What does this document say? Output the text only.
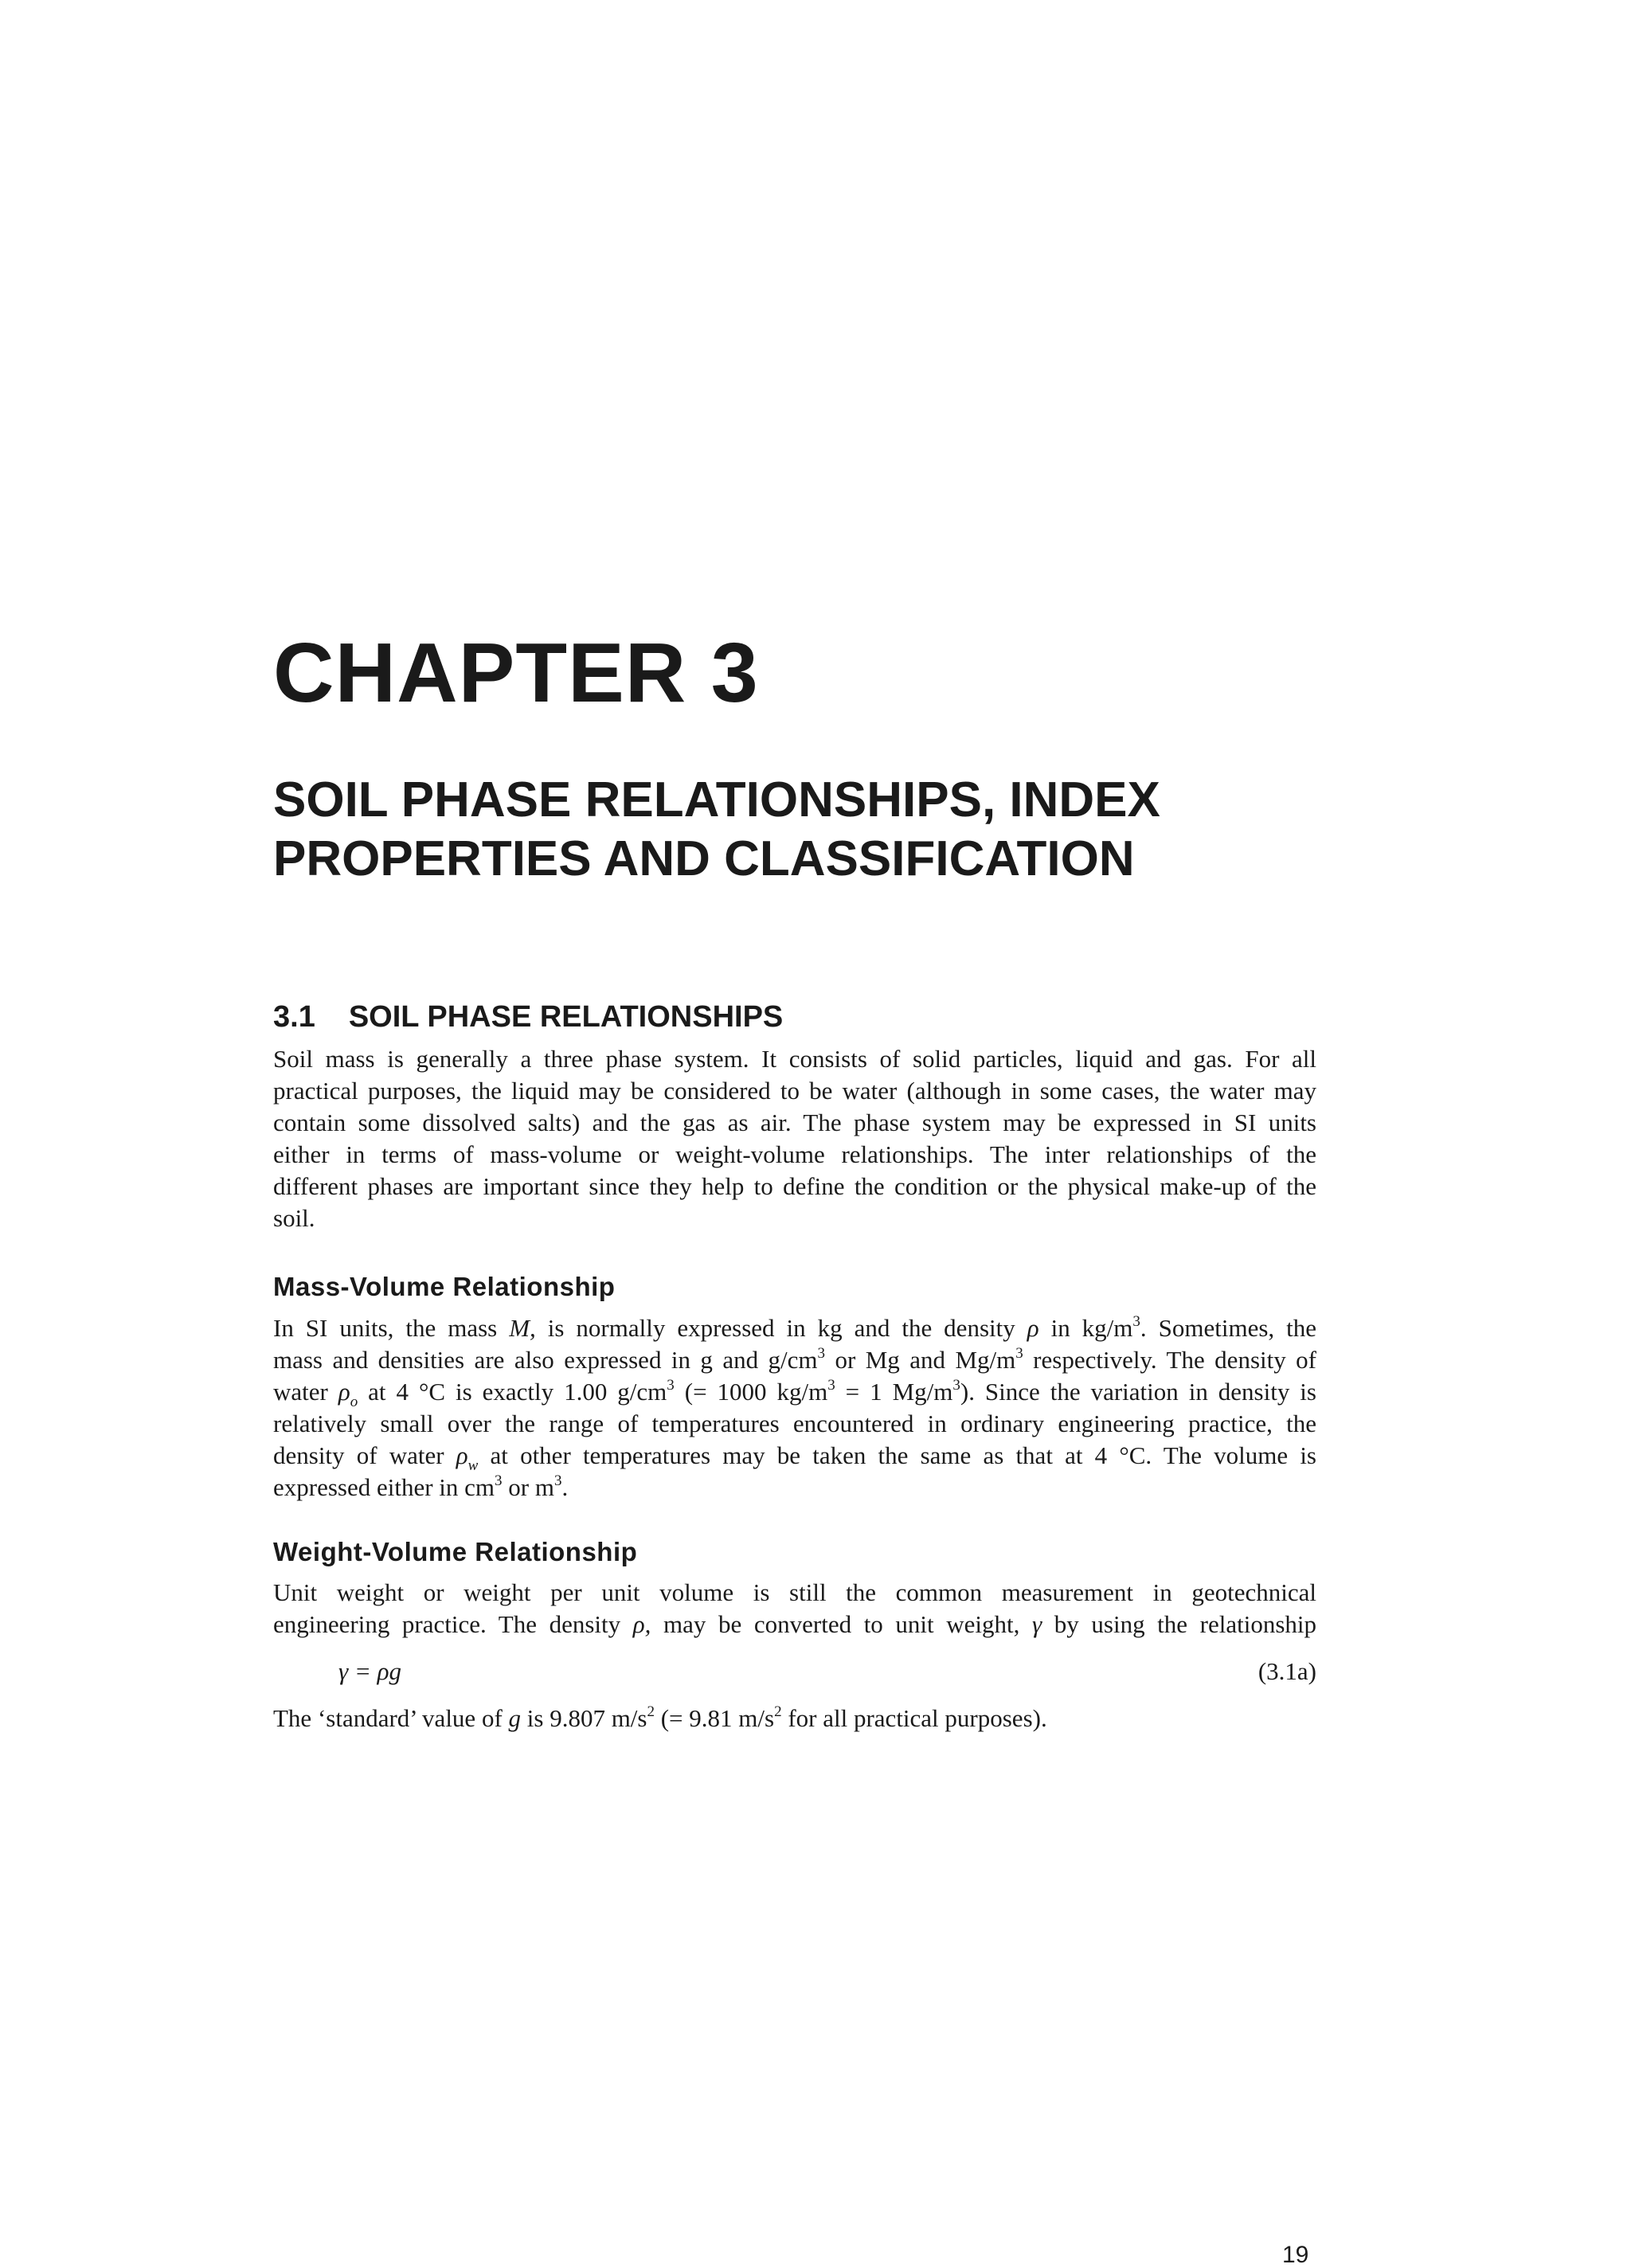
CHAPTER 3
SOIL PHASE RELATIONSHIPS, INDEX
PROPERTIES AND CLASSIFICATION
3.1 SOIL PHASE RELATIONSHIPS

Soil mass is generally a three phase system. It consists of solid particles, liquid and gas. For all
practical purposes, the liquid may be considered to be water (although in some cases, the water may
contain some dissolved salts) and the gas as air. The phase system may be expressed in SI units
either in terms of mass-volume or weight-volume relationships. The inter relationships of the
different phases are important since they help to define the condition or the physical make-up of the
soil.

Mass-Volume Relationship

In SI units, the mass M, is normally expressed in kg and the density ρ in $kg/m^3$. Sometimes, the
mass and densities are also expressed in g and $g/cm^3$ or Mg and $Mg/m^3$ respectively. The density of
water $\rho_o$ at 4 °C is exactly 1.00 $g/cm^3$ (= 1000 $kg/m^3 = 1$ $Mg/m^3$). Since the variation in density is
relatively small over the range of temperatures encountered in ordinary engineering practice, the
density of water $\rho_w$ at other temperatures may be taken the same as that at 4 °C. The volume is
expressed either in $cm^3$ or $m^3$.

Weight-Volume Relationship

Unit weight or weight per unit volume is still the common measurement in geotechnical
engineering practice. The density ρ, may be converted to unit weight, γ by using the relationship

γ = ρg	(3.1a)

The ‘standard’ value of g is 9.807 $m/s^2$ (= 9.81 $m/s^2$ for all practical purposes).

19
